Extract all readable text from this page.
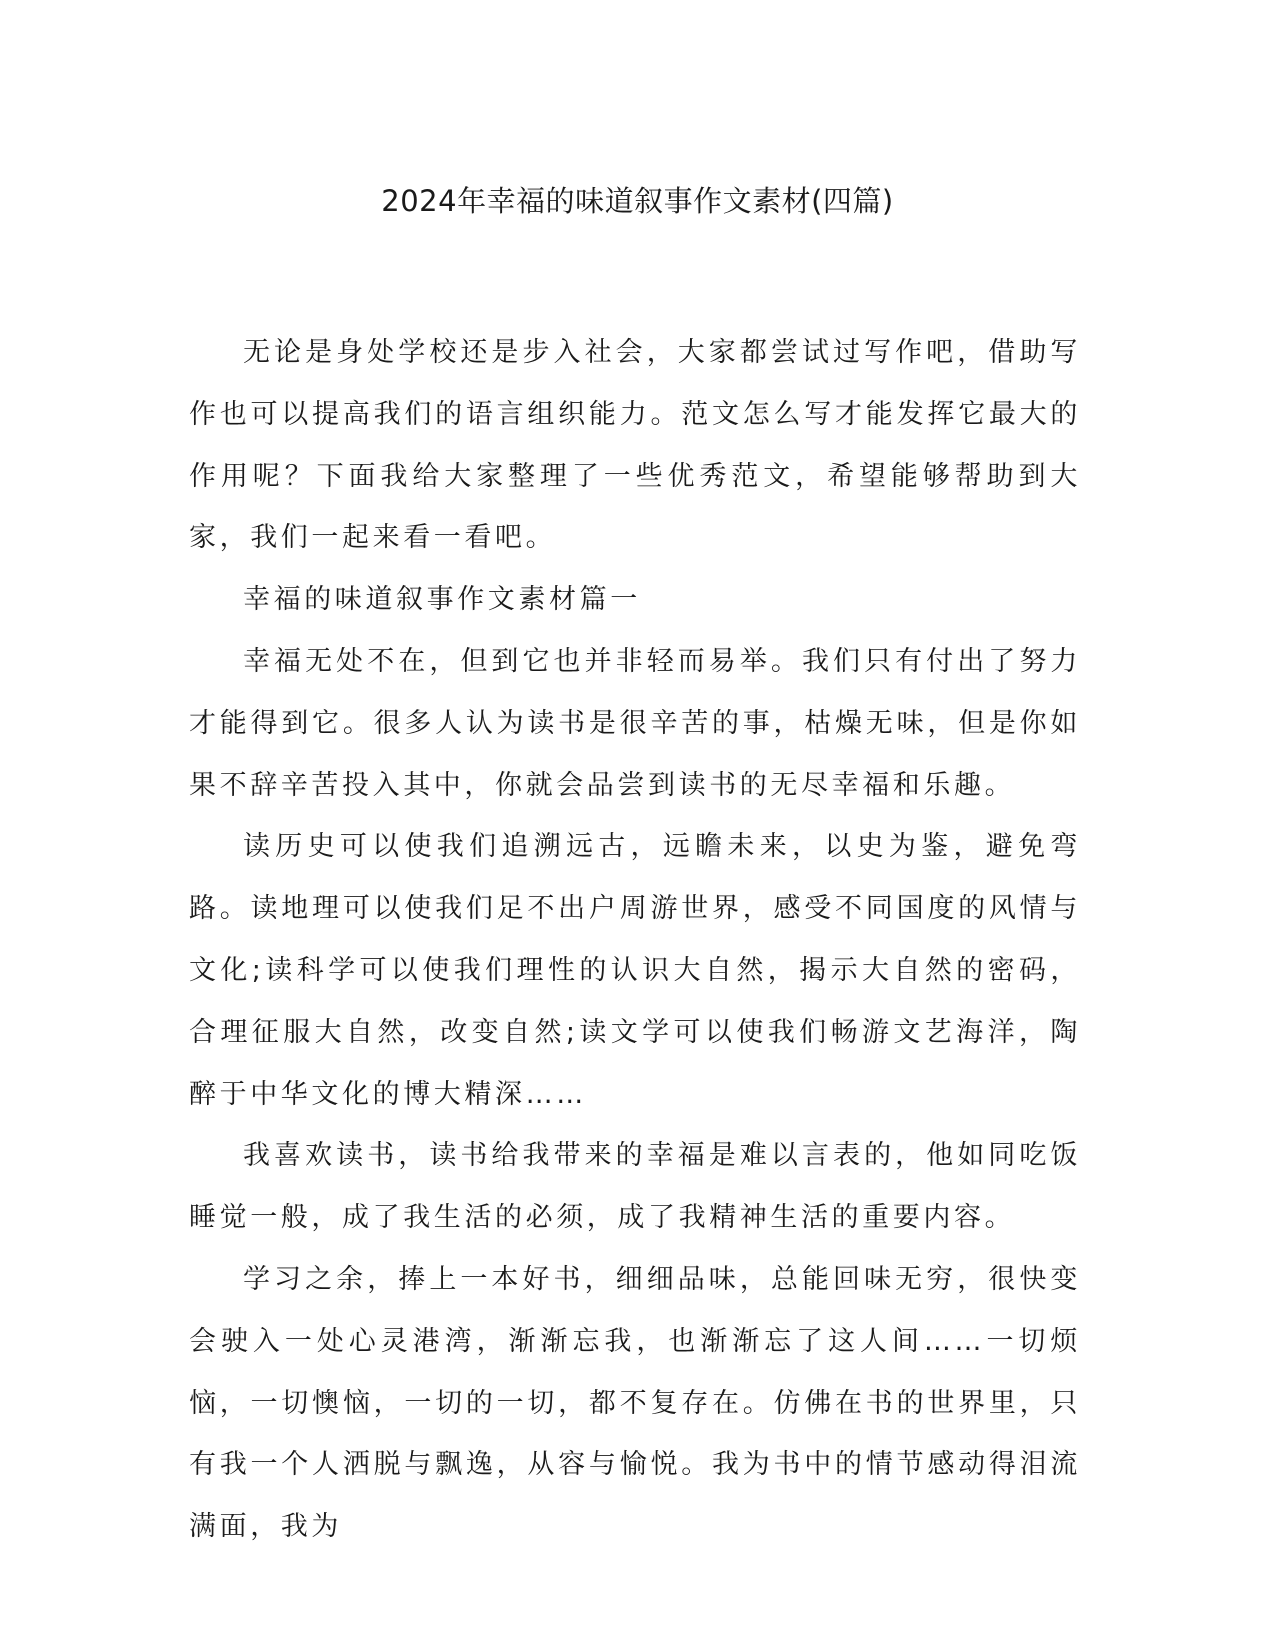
2024年幸福的味道叙事作文素材(四篇)

无论是身处学校还是步入社会，大家都尝试过写作吧，借助写作也可以提高我们的语言组织能力。范文怎么写才能发挥它最大的作用呢？下面我给大家整理了一些优秀范文，希望能够帮助到大家，我们一起来看一看吧。

幸福的味道叙事作文素材篇一

幸福无处不在，但到它也并非轻而易举。我们只有付出了努力才能得到它。很多人认为读书是很辛苦的事，枯燥无味，但是你如果不辞辛苦投入其中，你就会品尝到读书的无尽幸福和乐趣。

读历史可以使我们追溯远古，远瞻未来，以史为鉴，避免弯路。读地理可以使我们足不出户周游世界，感受不同国度的风情与文化;读科学可以使我们理性的认识大自然，揭示大自然的密码，合理征服大自然，改变自然;读文学可以使我们畅游文艺海洋，陶醉于中华文化的博大精深……

我喜欢读书，读书给我带来的幸福是难以言表的，他如同吃饭睡觉一般，成了我生活的必须，成了我精神生活的重要内容。

学习之余，捧上一本好书，细细品味，总能回味无穷，很快变会驶入一处心灵港湾，渐渐忘我，也渐渐忘了这人间……一切烦恼，一切懊恼，一切的一切，都不复存在。仿佛在书的世界里，只有我一个人洒脱与飘逸，从容与愉悦。我为书中的情节感动得泪流满面，我为
